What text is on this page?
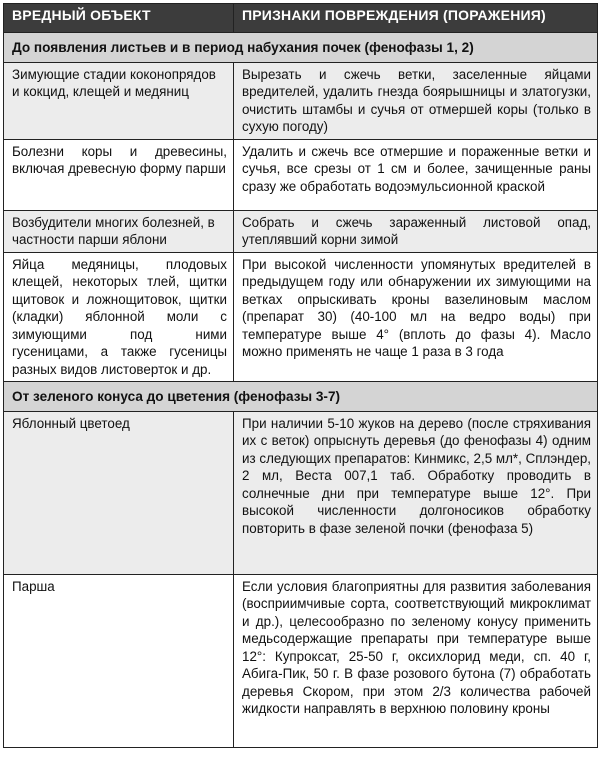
ВРЕДНЫЙ ОБЪЕКТ	ПРИЗНАКИ ПОВРЕЖДЕНИЯ (ПОРАЖЕНИЯ)
До появления листьев и в период набухания почек (фенофазы 1, 2)	
Зимующие стадии коконопрядов и кокцид, клещей и медяниц	Вырезать и сжечь ветки, заселенные яйцами вредителей, удалить гнезда боярышницы и златогузки, очистить штамбы и сучья от отмершей коры (только в сухую погоду)
Болезни коры и древесины, включая древесную форму парши	Удалить и сжечь все отмершие и пораженные ветки и сучья, все срезы от 1 см и более, зачищенные раны сразу же обработать водоэмульсионной краской
Возбудители многих болезней, в частности парши яблони	Собрать и сжечь зараженный листовой опад, утеплявший корни зимой
Яйца медяницы, плодовых клещей, некоторых тлей, щитки щитовок и ложнощитовок, щитки (кладки) яблонной моли с зимующими под ними гусеницами, а также гусеницы разных видов листоверток и др.	При высокой численности упомянутых вредителей в предыдущем году или обнаружении их зимующими на ветках опрыскивать кроны вазелиновым маслом (препарат 30) (40-100 мл на ведро воды) при температуре выше 4° (вплоть до фазы 4). Масло можно применять не чаще 1 раза в 3 года
От зеленого конуса до цветения (фенофазы 3-7)	
Яблонный цветоед	При наличии 5-10 жуков на дерево (после стряхивания их с веток) опрыснуть деревья (до фенофазы 4) одним из следующих препаратов: Кинмикс, 2,5 мл*, Сплэндер, 2 мл, Веста 007,1 таб. Обработку проводить в солнечные дни при температуре выше 12°. При высокой численности долгоносиков обработку повторить в фазе зеленой почки (фенофаза 5)
Парша	Если условия благоприятны для развития заболевания (восприимчивые сорта, соответствующий микроклимат и др.), целесообразно по зеленому конусу применить медьсодержащие препараты при температуре выше 12°: Купроксат, 25-50 г, оксихлорид меди, сп. 40 г, Абига-Пик, 50 г. В фазе розового бутона (7) обработать деревья Скором, при этом 2/3 количества рабочей жидкости направлять в верхнюю половину кроны
